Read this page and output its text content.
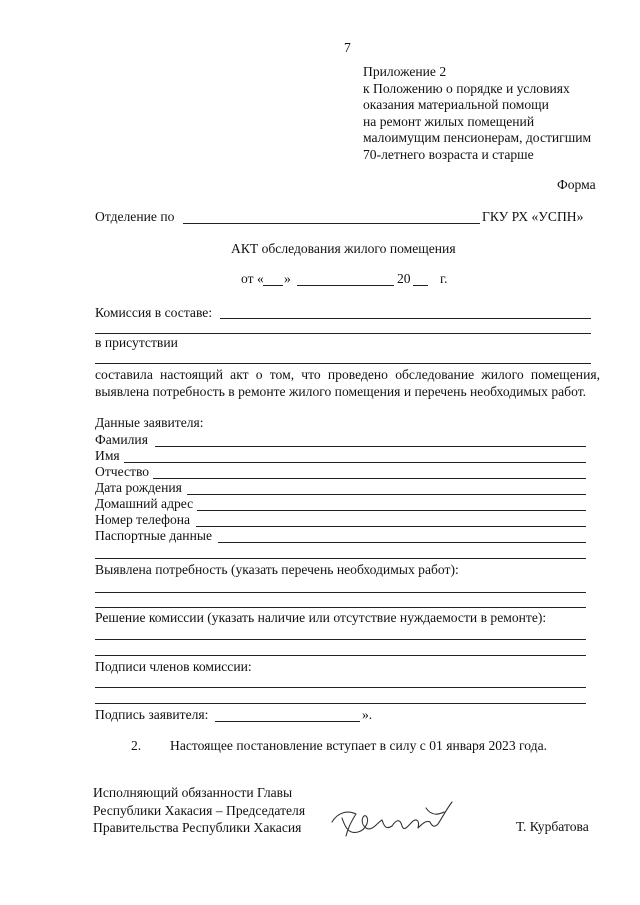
7
Приложение 2
к Положению о порядке и условиях
оказания материальной помощи
на ремонт жилых помещений
малоимущим пенсионерам, достигшим
70-летнего возраста и старше
Форма
Отделение по	ГКУ РХ «УСПН»
АКТ обследования жилого помещения
от « »	20 г.
Комиссия в составе:
в присутствии
составила настоящий акт о том, что проведено обследование жилого помещения, выявлена потребность в ремонте жилого помещения и перечень необходимых работ.
Данные заявителя:
Фамилия
Имя
Отчество
Дата рождения
Домашний адрес
Номер телефона
Паспортные данные
Выявлена потребность (указать перечень необходимых работ):
Решение комиссии (указать наличие или отсутствие нуждаемости в ремонте):
Подписи членов комиссии:
Подпись заявителя:	».
2. Настоящее постановление вступает в силу с 01 января 2023 года.
Исполняющий обязанности Главы
Республики Хакасия – Председателя
Правительства Республики Хакасия	Т. Курбатова
